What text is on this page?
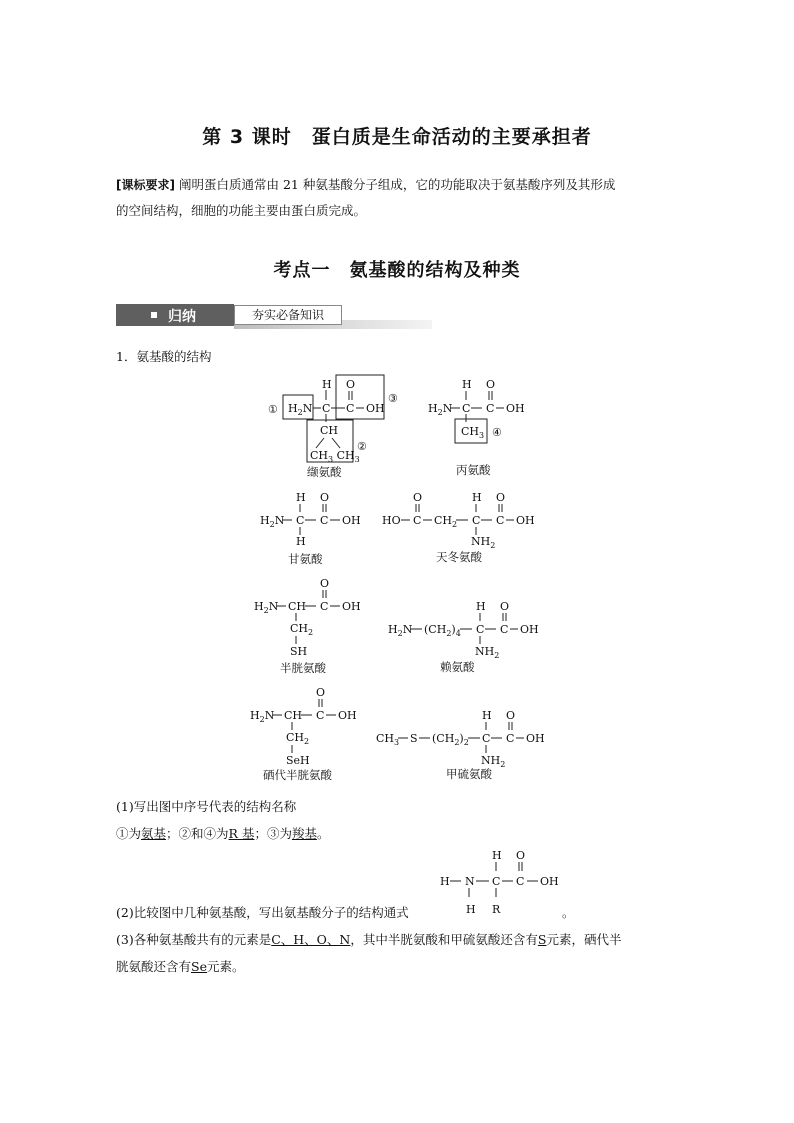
第 3 课时　蛋白质是生命活动的主要承担者
[课标要求] 阐明蛋白质通常由 21 种氨基酸分子组成，它的功能取决于氨基酸序列及其形成
的空间结构，细胞的功能主要由蛋白质完成。
考点一　氨基酸的结构及种类
归纳	夯实必备知识
1．氨基酸的结构
① $H_2N$ C
H
C
O
OH
③
CH
$CH_3$ $CH_3$
②
缬氨酸
$H_2N$
H
C
O
C OH
$CH_3$ ④
丙氨酸
$H_2N$
H
C
O
C OH
H
甘氨酸
HO
O
C $CH_2$
H
C
O
C OH
$NH_2$
天冬氨酸
$H_2N$ CH
O
C OH
$CH_2$
SH
半胱氨酸
$H_2N$ $(CH_2)_4$
H
C
O
C OH
$NH_2$
赖氨酸
$H_2N$ CH
O
C OH
$CH_2$
SeH
硒代半胱氨酸
$CH_3$ S $(CH_2)_2$
H
C
O
C OH
$NH_2$
甲硫氨酸
(1)写出图中序号代表的结构名称
①为氨基；②和④为R 基；③为羧基。
H O
H N C C OH
H R
(2)比较图中几种氨基酸，写出氨基酸分子的结构通式	。
(3)各种氨基酸共有的元素是C、H、O、N，其中半胱氨酸和甲硫氨酸还含有S元素，硒代半
胱氨酸还含有Se元素。
